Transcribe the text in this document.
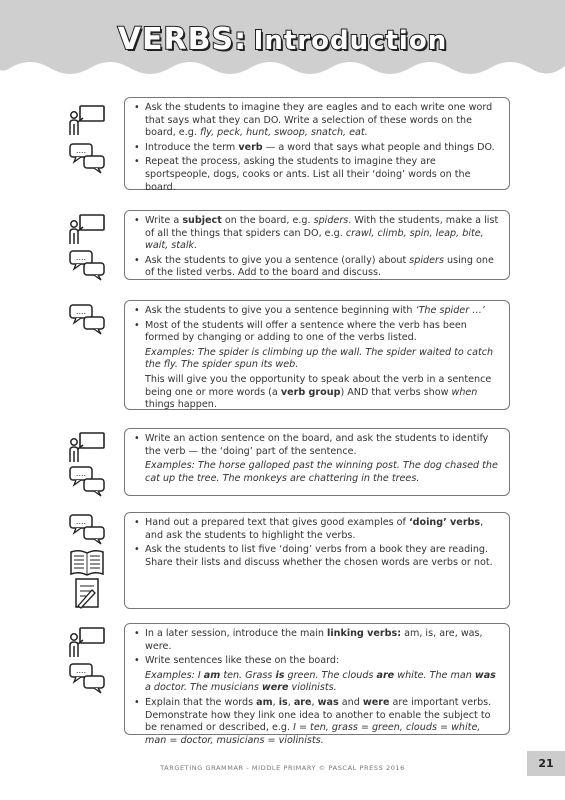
VERBS: Introduction
....
• Ask the students to imagine they are eagles and to each write one word that says what they can DO. Write a selection of these words on the board, e.g. fly, peck, hunt, swoop, snatch, eat.
• Introduce the term verb — a word that says what people and things DO.
• Repeat the process, asking the students to imagine they are sportspeople, dogs, cooks or ants. List all their ‘doing’ words on the board.
....
• Write a subject on the board, e.g. spiders. With the students, make a list of all the things that spiders can DO, e.g. crawl, climb, spin, leap, bite, wait, stalk.
• Ask the students to give you a sentence (orally) about spiders using one of the listed verbs. Add to the board and discuss.
....	• Ask the students to give you a sentence beginning with ‘The spider …’
• Most of the students will offer a sentence where the verb has been formed by changing or adding to one of the verbs listed.
Examples: The spider is climbing up the wall. The spider waited to catch the fly. The spider spun its web.
This will give you the opportunity to speak about the verb in a sentence being one or more words (a verb group) AND that verbs show when things happen.
....
• Write an action sentence on the board, and ask the students to identify the verb — the ‘doing’ part of the sentence.
Examples: The horse galloped past the winning post. The dog chased the cat up the tree. The monkeys are chattering in the trees.
....	• Hand out a prepared text that gives good examples of ‘doing’ verbs, and ask the students to highlight the verbs.
• Ask the students to list five ‘doing’ verbs from a book they are reading. Share their lists and discuss whether the chosen words are verbs or not.
....
• In a later session, introduce the main linking verbs: am, is, are, was, were.
• Write sentences like these on the board:
Examples: I am ten. Grass is green. The clouds are white. The man was a doctor. The musicians were violinists.
• Explain that the words am, is, are, was and were are important verbs. Demonstrate how they link one idea to another to enable the subject to be renamed or described, e.g. I = ten, grass = green, clouds = white, man = doctor, musicians = violinists.
TARGETING GRAMMAR - MIDDLE PRIMARY © PASCAL PRESS 2016	21
